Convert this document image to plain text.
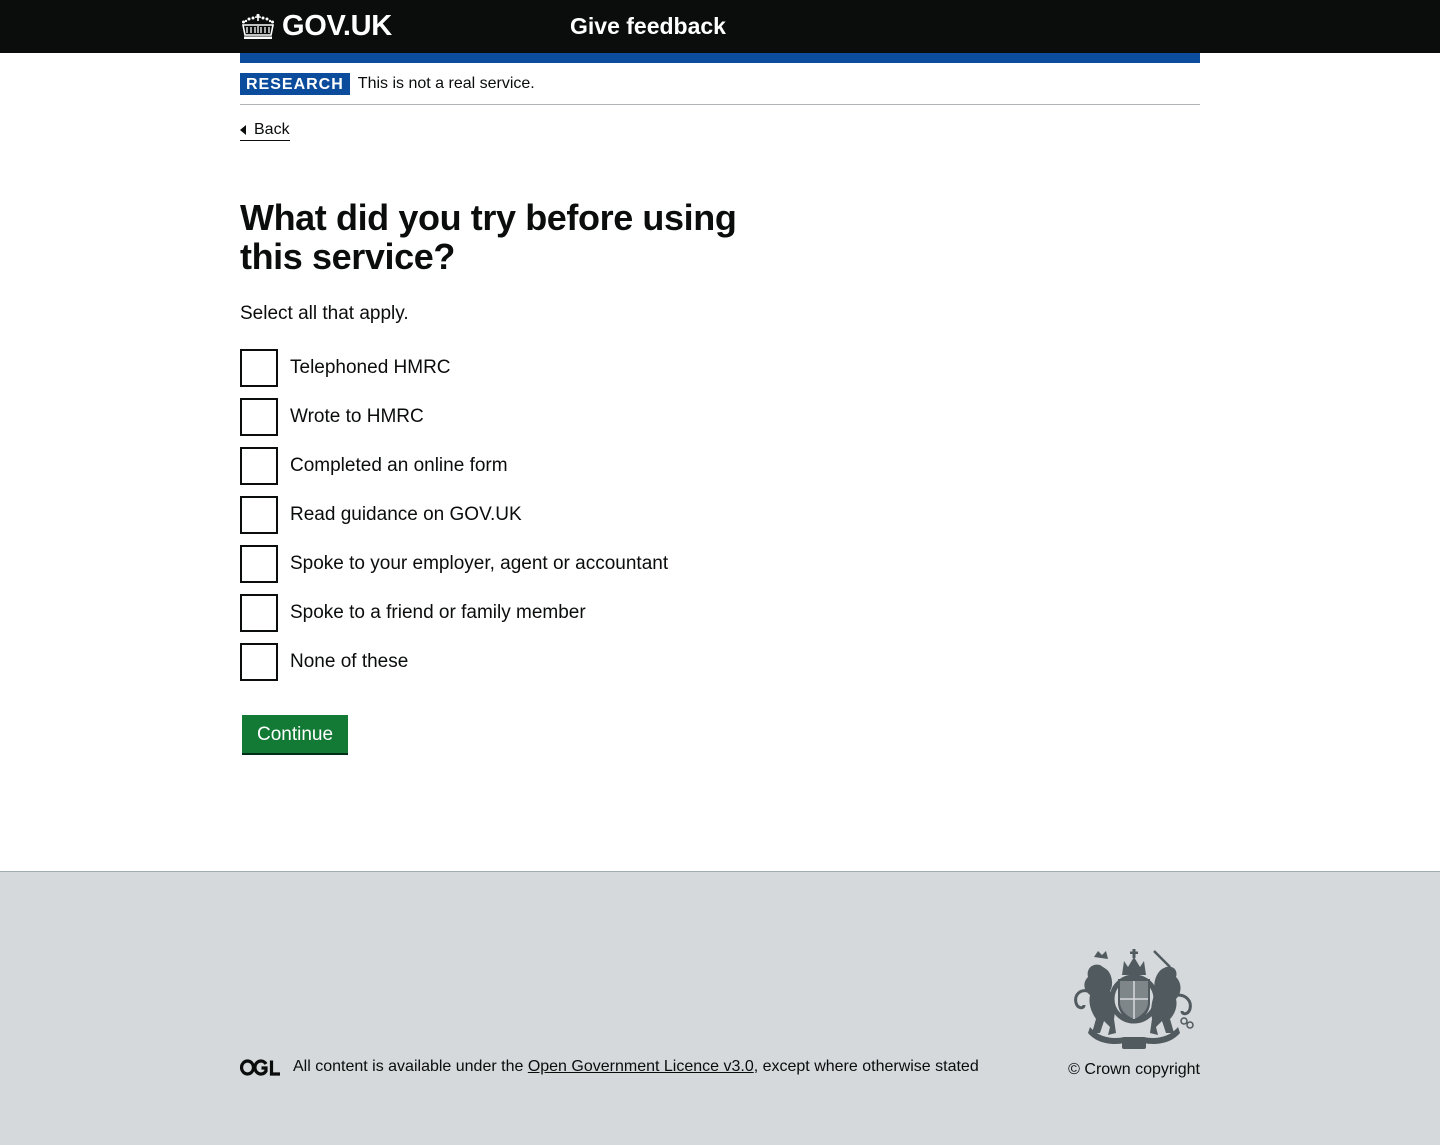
GOV.UK	Give feedback
RESEARCH This is not a real service.
Back
What did you try before using this service?

Select all that apply.

Telephoned HMRC
Wrote to HMRC
Completed an online form
Read guidance on GOV.UK
Spoke to your employer, agent or accountant
Spoke to a friend or family member
None of these
Continue
All content is available under the Open Government Licence v3.0, except where otherwise stated	© Crown copyright
